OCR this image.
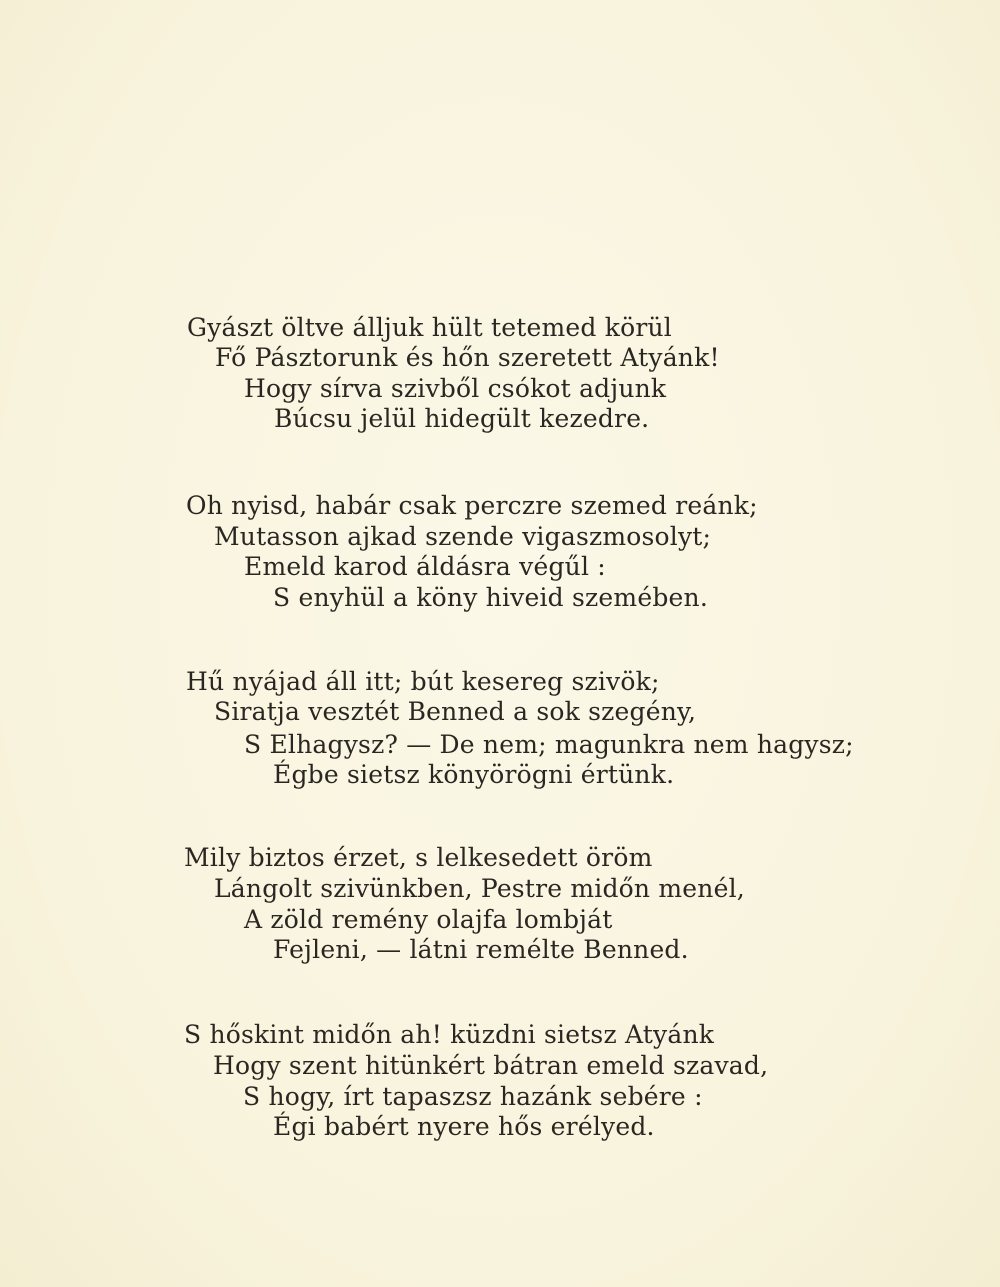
Gyászt öltve álljuk hült tetemed körül
Fő Pásztorunk és hőn szeretett Atyánk!
Hogy sírva szivből csókot adjunk
Búcsu jelül hidegült kezedre.
Oh nyisd, habár csak perczre szemed reánk;
Mutasson ajkad szende vigaszmosolyt;
Emeld karod áldásra végűl :
S enyhül a köny hiveid szemében.
Hű nyájad áll itt; bút kesereg szivök;
Siratja vesztét Benned a sok szegény,
S Elhagysz? — De nem; magunkra nem hagysz;
Égbe sietsz könyörögni értünk.
Mily biztos érzet, s lelkesedett öröm
Lángolt szivünkben, Pestre midőn menél,
A zöld remény olajfa lombját
Fejleni, — látni remélte Benned.
S hőskint midőn ah! küzdni sietsz Atyánk
Hogy szent hitünkért bátran emeld szavad,
S hogy, írt tapaszsz hazánk sebére :
Égi babért nyere hős erélyed.
